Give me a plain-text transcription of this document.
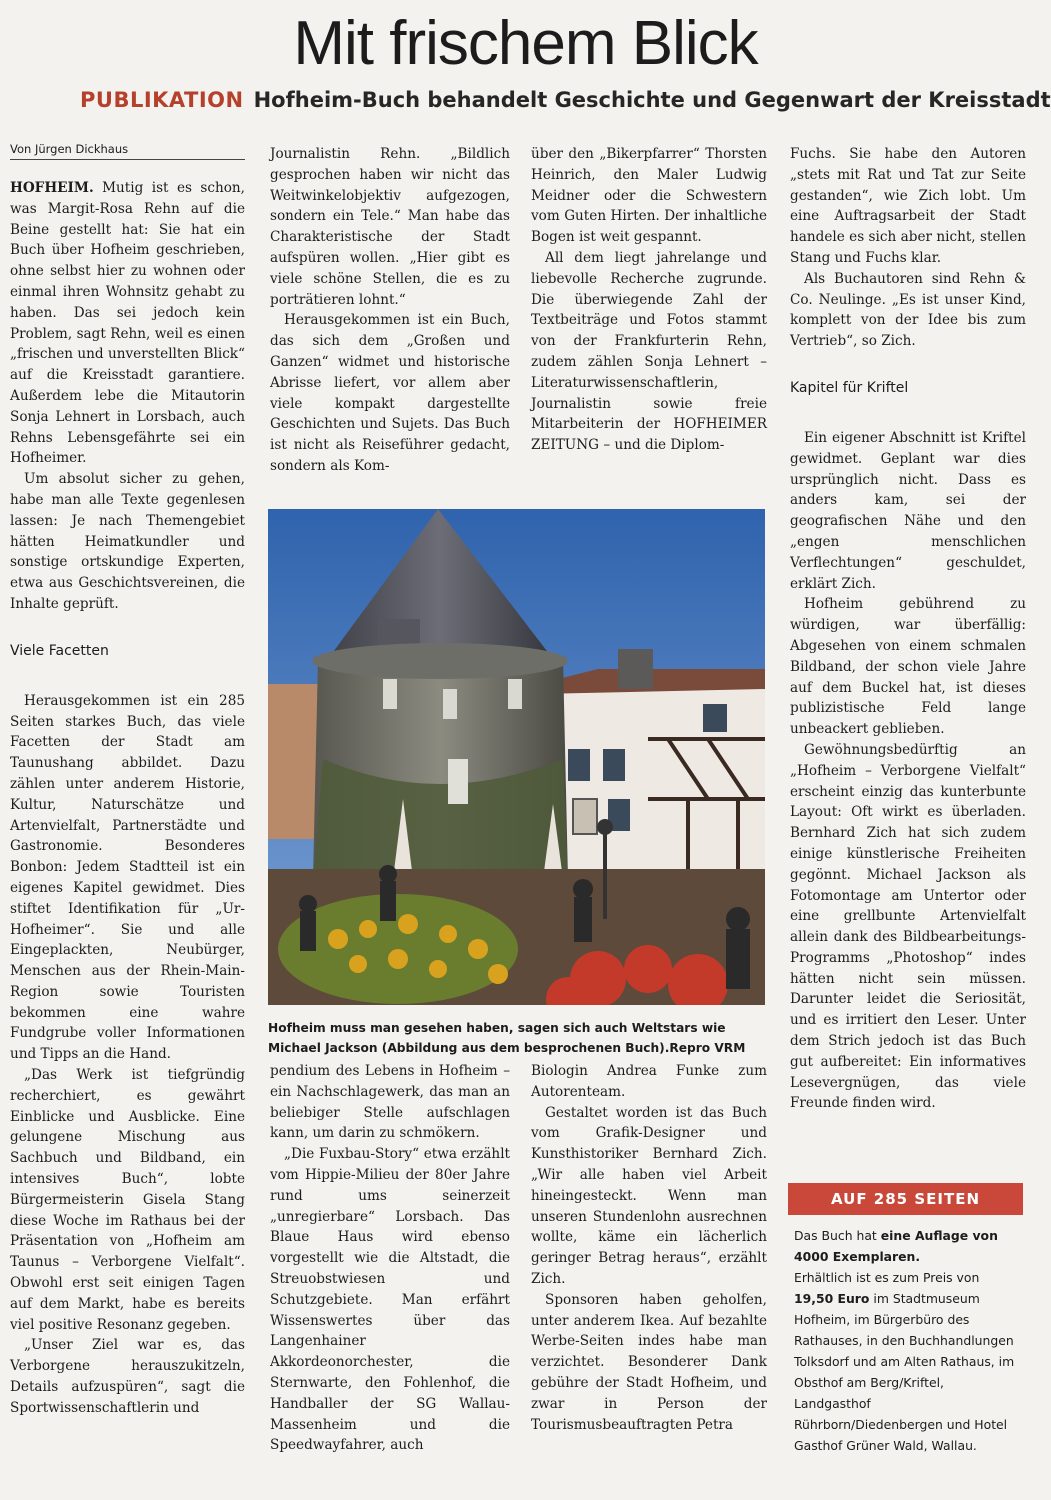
Mit frischem Blick
PUBLIKATION Hofheim-Buch behandelt Geschichte und Gegenwart der Kreisstadt
Von Jürgen Dickhaus

HOFHEIM. Mutig ist es schon, was Margit-Rosa Rehn auf die Beine gestellt hat: Sie hat ein Buch über Hofheim geschrieben, ohne selbst hier zu wohnen oder einmal ihren Wohnsitz gehabt zu haben. Das sei jedoch kein Problem, sagt Rehn, weil es einen „frischen und unverstellten Blick“ auf die Kreisstadt garantiere. Außerdem lebe die Mitautorin Sonja Lehnert in Lorsbach, auch Rehns Lebensgefährte sei ein Hofheimer.

Um absolut sicher zu gehen, habe man alle Texte gegenlesen lassen: Je nach Themengebiet hätten Heimatkundler und sonstige ortskundige Experten, etwa aus Geschichtsvereinen, die Inhalte geprüft.

Viele Facetten

Herausgekommen ist ein 285 Seiten starkes Buch, das viele Facetten der Stadt am Taunushang abbildet. Dazu zählen unter anderem Historie, Kultur, Naturschätze und Artenvielfalt, Partnerstädte und Gastronomie. Besonderes Bonbon: Jedem Stadtteil ist ein eigenes Kapitel gewidmet. Dies stiftet Identifikation für „Ur-Hofheimer“. Sie und alle Eingeplackten, Neubürger, Menschen aus der Rhein-Main-Region sowie Touristen bekommen eine wahre Fundgrube voller Informationen und Tipps an die Hand.

„Das Werk ist tiefgründig recherchiert, es gewährt Einblicke und Ausblicke. Eine gelungene Mischung aus Sachbuch und Bildband, ein intensives Buch“, lobte Bürgermeisterin Gisela Stang diese Woche im Rathaus bei der Präsentation von „Hofheim am Taunus – Verborgene Vielfalt“. Obwohl erst seit einigen Tagen auf dem Markt, habe es bereits viel positive Resonanz gegeben.

„Unser Ziel war es, das Verborgene herauszukitzeln, Details aufzuspüren“, sagt die Sportwissenschaftlerin und

Journalistin Rehn. „Bildlich gesprochen haben wir nicht das Weitwinkelobjektiv aufgezogen, sondern ein Tele.“ Man habe das Charakteristische der Stadt aufspüren wollen. „Hier gibt es viele schöne Stellen, die es zu porträtieren lohnt.“

Herausgekommen ist ein Buch, das sich dem „Großen und Ganzen“ widmet und historische Abrisse liefert, vor allem aber viele kompakt dargestellte Geschichten und Sujets. Das Buch ist nicht als Reiseführer gedacht, sondern als Kom-

über den „Bikerpfarrer“ Thorsten Heinrich, den Maler Ludwig Meidner oder die Schwestern vom Guten Hirten. Der inhaltliche Bogen ist weit gespannt.

All dem liegt jahrelange und liebevolle Recherche zugrunde. Die überwiegende Zahl der Textbeiträge und Fotos stammt von der Frankfurterin Rehn, zudem zählen Sonja Lehnert – Literaturwissenschaftlerin, Journalistin sowie freie Mitarbeiterin der HOFHEIMER ZEITUNG – und die Diplom-

Hofheim muss man gesehen haben, sagen sich auch Weltstars wie Michael Jackson (Abbildung aus dem besprochenen Buch).Repro VRM

pendium des Lebens in Hofheim – ein Nachschlagewerk, das man an beliebiger Stelle aufschlagen kann, um darin zu schmökern.

„Die Fuxbau-Story“ etwa erzählt vom Hippie-Milieu der 80er Jahre rund ums seinerzeit „unregierbare“ Lorsbach. Das Blaue Haus wird ebenso vorgestellt wie die Altstadt, die Streuobstwiesen und Schutzgebiete. Man erfährt Wissenswertes über das Langenhainer Akkordeonorchester, die Sternwarte, den Fohlenhof, die Handballer der SG Wallau-Massenheim und die Speedwayfahrer, auch

Biologin Andrea Funke zum Autorenteam.

Gestaltet worden ist das Buch vom Grafik-Designer und Kunsthistoriker Bernhard Zich. „Wir alle haben viel Arbeit hineingesteckt. Wenn man unseren Stundenlohn ausrechnen wollte, käme ein lächerlich geringer Betrag heraus“, erzählt Zich.

Sponsoren haben geholfen, unter anderem Ikea. Auf bezahlte Werbe-Seiten indes habe man verzichtet. Besonderer Dank gebühre der Stadt Hofheim, und zwar in Person der Tourismusbeauftragten Petra

Fuchs. Sie habe den Autoren „stets mit Rat und Tat zur Seite gestanden“, wie Zich lobt. Um eine Auftragsarbeit der Stadt handele es sich aber nicht, stellen Stang und Fuchs klar.

Als Buchautoren sind Rehn & Co. Neulinge. „Es ist unser Kind, komplett von der Idee bis zum Vertrieb“, so Zich.

Kapitel für Kriftel

Ein eigener Abschnitt ist Kriftel gewidmet. Geplant war dies ursprünglich nicht. Dass es anders kam, sei der geografischen Nähe und den „engen menschlichen Verflechtungen“ geschuldet, erklärt Zich.

Hofheim gebührend zu würdigen, war überfällig: Abgesehen von einem schmalen Bildband, der schon viele Jahre auf dem Buckel hat, ist dieses publizistische Feld lange unbeackert geblieben.

Gewöhnungsbedürftig an „Hofheim – Verborgene Vielfalt“ erscheint einzig das kunterbunte Layout: Oft wirkt es überladen. Bernhard Zich hat sich zudem einige künstlerische Freiheiten gegönnt. Michael Jackson als Fotomontage am Untertor oder eine grellbunte Artenvielfalt allein dank des Bildbearbeitungs-Programms „Photoshop“ indes hätten nicht sein müssen. Darunter leidet die Seriosität, und es irritiert den Leser. Unter dem Strich jedoch ist das Buch gut aufbereitet: Ein informatives Lesevergnügen, das viele Freunde finden wird.

AUF 285 SEITEN

Das Buch hat eine Auflage von 4000 Exemplaren.

Erhältlich ist es zum Preis von 19,50 Euro im Stadtmuseum Hofheim, im Bürgerbüro des Rathauses, in den Buchhandlungen Tolksdorf und am Alten Rathaus, im Obsthof am Berg/Kriftel, Landgasthof Rührborn/Diedenbergen und Hotel Gasthof Grüner Wald, Wallau.
